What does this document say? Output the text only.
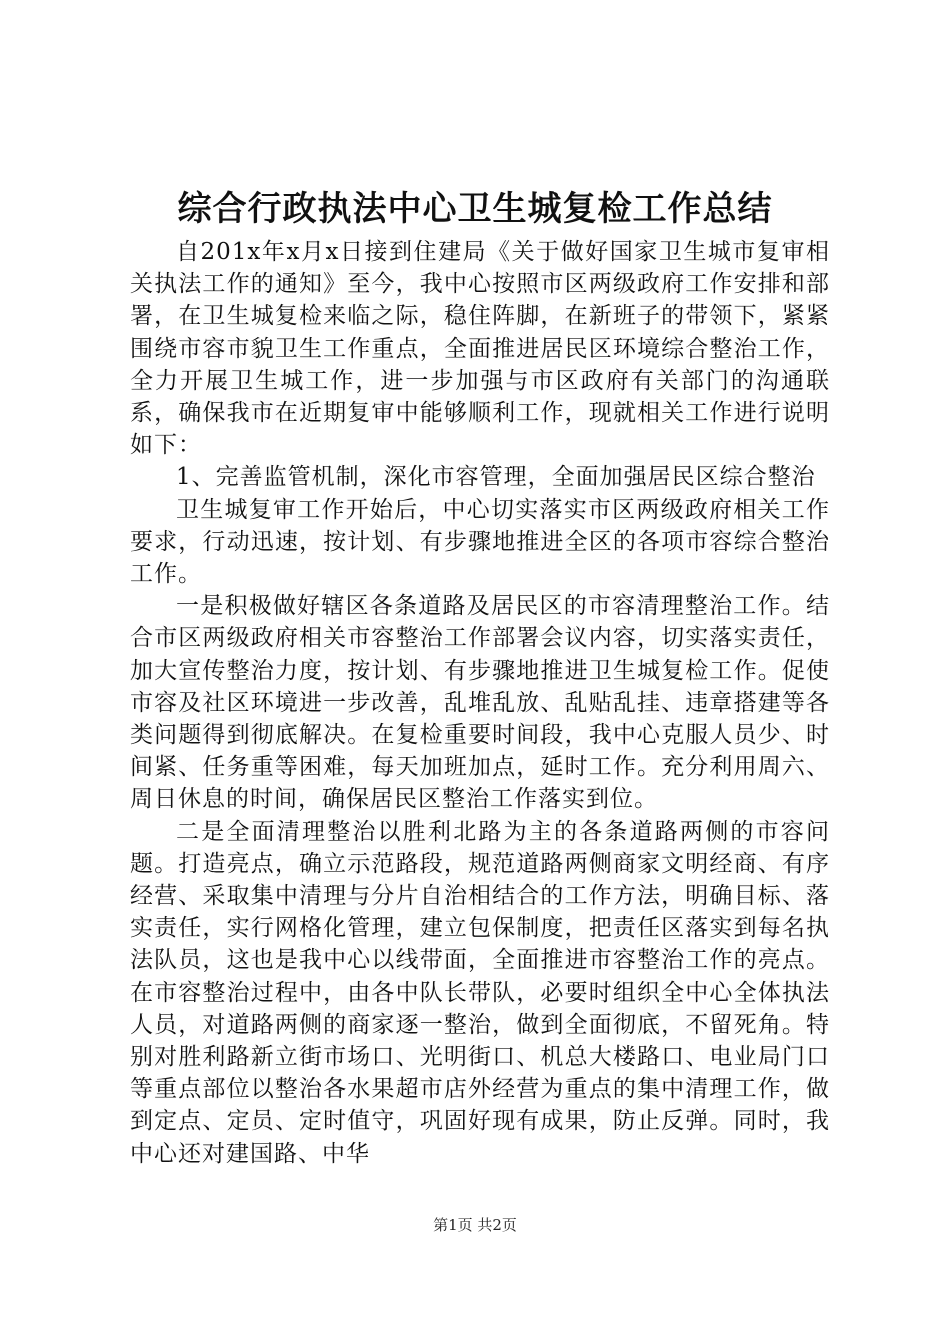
综合行政执法中心卫生城复检工作总结

自201x年x月x日接到住建局《关于做好国家卫生城市复审相关执法工作的通知》至今，我中心按照市区两级政府工作安排和部署，在卫生城复检来临之际，稳住阵脚，在新班子的带领下，紧紧围绕市容市貌卫生工作重点，全面推进居民区环境综合整治工作，全力开展卫生城工作，进一步加强与市区政府有关部门的沟通联系，确保我市在近期复审中能够顺利工作，现就相关工作进行说明如下：

1、完善监管机制，深化市容管理，全面加强居民区综合整治

卫生城复审工作开始后，中心切实落实市区两级政府相关工作要求，行动迅速，按计划、有步骤地推进全区的各项市容综合整治工作。

一是积极做好辖区各条道路及居民区的市容清理整治工作。结合市区两级政府相关市容整治工作部署会议内容，切实落实责任，加大宣传整治力度，按计划、有步骤地推进卫生城复检工作。促使市容及社区环境进一步改善，乱堆乱放、乱贴乱挂、违章搭建等各类问题得到彻底解决。在复检重要时间段，我中心克服人员少、时间紧、任务重等困难，每天加班加点，延时工作。充分利用周六、周日休息的时间，确保居民区整治工作落实到位。

二是全面清理整治以胜利北路为主的各条道路两侧的市容问题。打造亮点，确立示范路段，规范道路两侧商家文明经商、有序经营、采取集中清理与分片自治相结合的工作方法，明确目标、落实责任，实行网格化管理，建立包保制度，把责任区落实到每名执法队员，这也是我中心以线带面，全面推进市容整治工作的亮点。在市容整治过程中，由各中队长带队，必要时组织全中心全体执法人员，对道路两侧的商家逐一整治，做到全面彻底，不留死角。特别对胜利路新立街市场口、光明街口、机总大楼路口、电业局门口等重点部位以整治各水果超市店外经营为重点的集中清理工作，做到定点、定员、定时值守，巩固好现有成果，防止反弹。同时，我中心还对建国路、中华

第1页 共2页
